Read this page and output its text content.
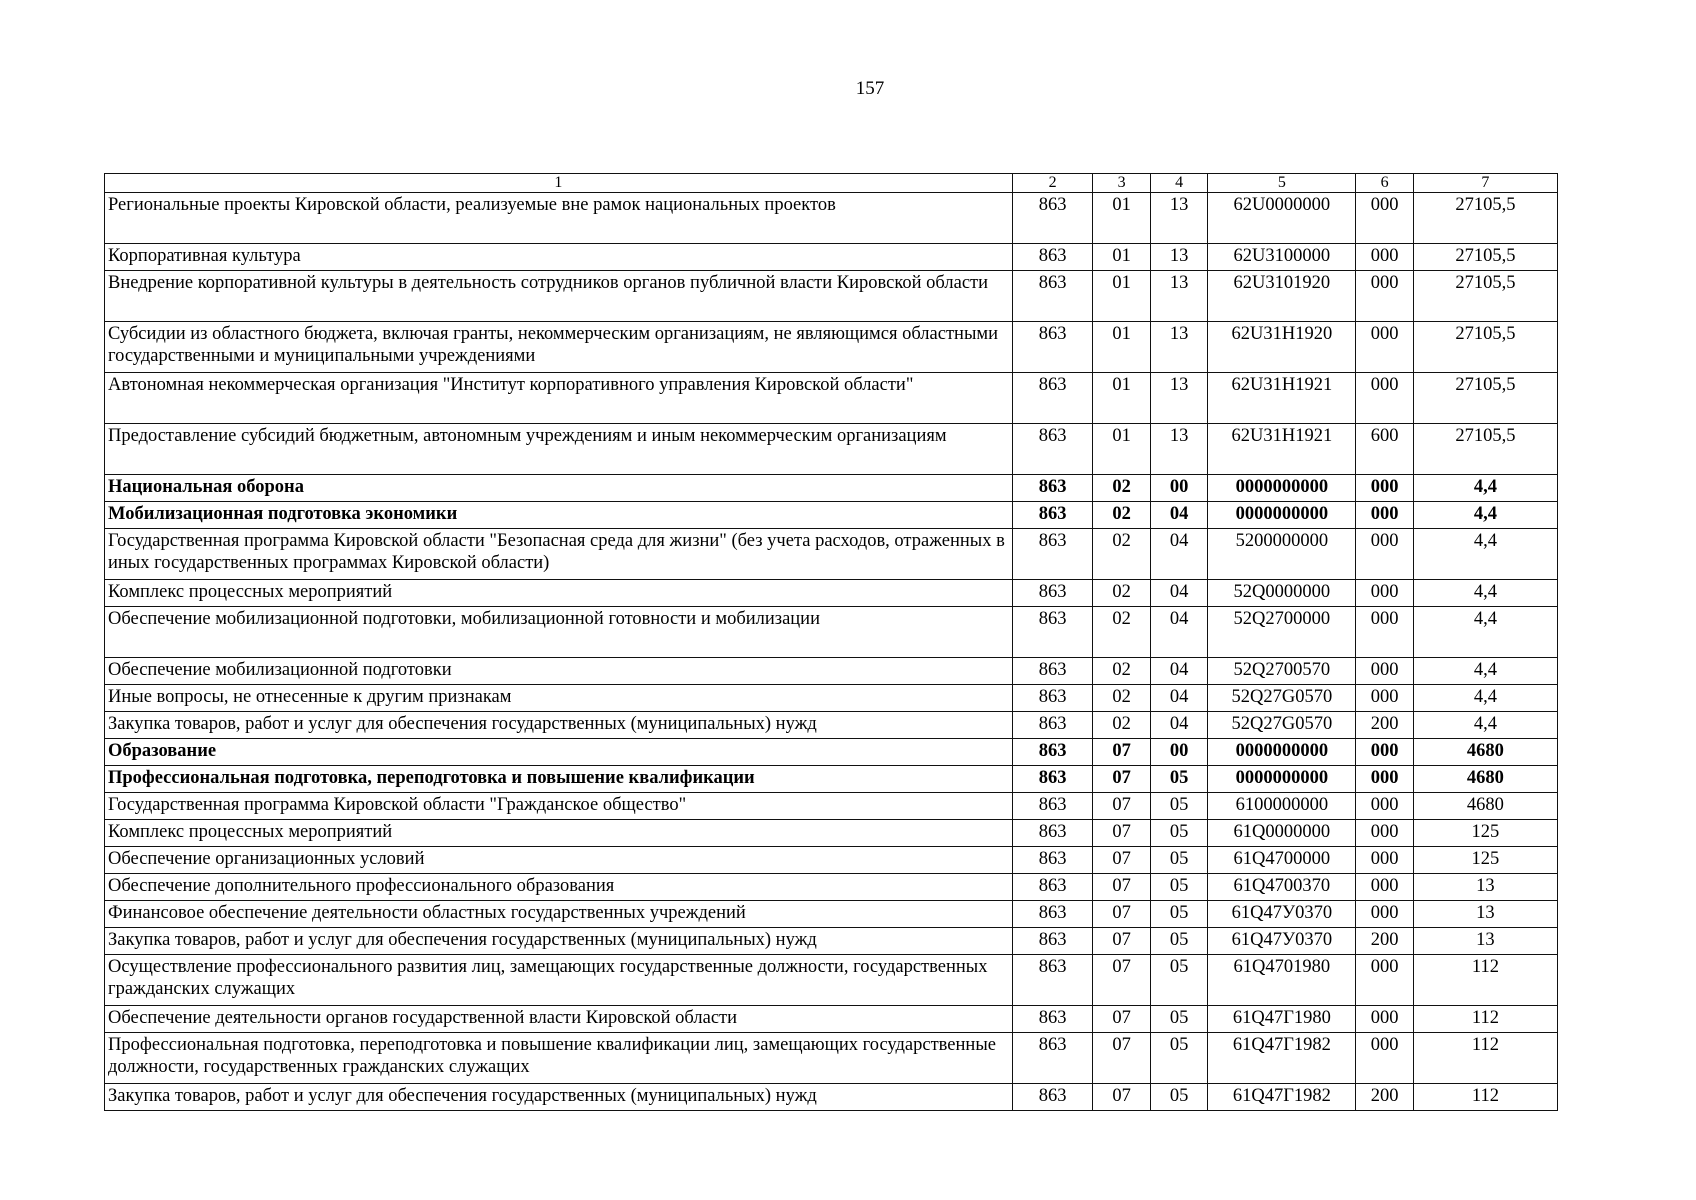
157
1	2	3	4	5	6	7
Региональные проекты Кировской области, реализуемые вне рамок национальных проектов	863	01	13	62U0000000	000	27105,5
Корпоративная культура	863	01	13	62U3100000	000	27105,5
Внедрение корпоративной культуры в деятельность сотрудников органов публичной власти Кировской области	863	01	13	62U3101920	000	27105,5
Субсидии из областного бюджета, включая гранты, некоммерческим организациям, не являющимся областными государственными и муниципальными учреждениями	863	01	13	62U31H1920	000	27105,5
Автономная некоммерческая организация "Институт корпоративного управления Кировской области"	863	01	13	62U31H1921	000	27105,5
Предоставление субсидий бюджетным, автономным учреждениям и иным некоммерческим организациям	863	01	13	62U31H1921	600	27105,5
Национальная оборона	863	02	00	0000000000	000	4,4
Мобилизационная подготовка экономики	863	02	04	0000000000	000	4,4
Государственная программа Кировской области "Безопасная среда для жизни" (без учета расходов, отраженных в иных государственных программах Кировской области)	863	02	04	5200000000	000	4,4
Комплекс процессных мероприятий	863	02	04	52Q0000000	000	4,4
Обеспечение мобилизационной подготовки, мобилизационной готовности и мобилизации	863	02	04	52Q2700000	000	4,4
Обеспечение мобилизационной подготовки	863	02	04	52Q2700570	000	4,4
Иные вопросы, не отнесенные к другим признакам	863	02	04	52Q27G0570	000	4,4
Закупка товаров, работ и услуг для обеспечения государственных (муниципальных) нужд	863	02	04	52Q27G0570	200	4,4
Образование	863	07	00	0000000000	000	4680
Профессиональная подготовка, переподготовка и повышение квалификации	863	07	05	0000000000	000	4680
Государственная программа Кировской области "Гражданское общество"	863	07	05	6100000000	000	4680
Комплекс процессных мероприятий	863	07	05	61Q0000000	000	125
Обеспечение организационных условий	863	07	05	61Q4700000	000	125
Обеспечение дополнительного профессионального образования	863	07	05	61Q4700370	000	13
Финансовое обеспечение деятельности областных государственных учреждений	863	07	05	61Q47У0370	000	13
Закупка товаров, работ и услуг для обеспечения государственных (муниципальных) нужд	863	07	05	61Q47У0370	200	13
Осуществление профессионального развития лиц, замещающих государственные должности, государственных гражданских служащих	863	07	05	61Q4701980	000	112
Обеспечение деятельности органов государственной власти Кировской области	863	07	05	61Q47Г1980	000	112
Профессиональная подготовка, переподготовка и повышение квалификации лиц, замещающих государственные должности, государственных гражданских служащих	863	07	05	61Q47Г1982	000	112
Закупка товаров, работ и услуг для обеспечения государственных (муниципальных) нужд	863	07	05	61Q47Г1982	200	112
